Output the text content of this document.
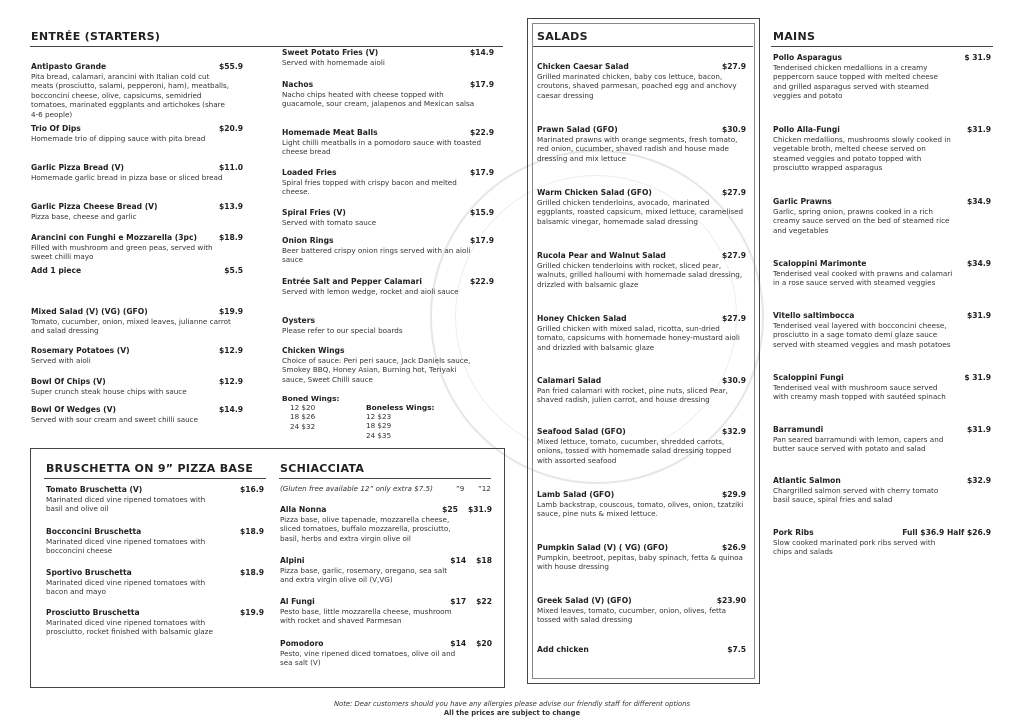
ENTRÉE (STARTERS)
Antipasto Grande	$55.9
Pita bread, calamari, arancini with Italian cold cut meats (prosciutto, salami, pepperoni, ham), meatballs, bocconcini cheese, olive, capsicums, semidried tomatoes, marinated eggplants and artichokes (share 4-6 people)
Trio Of Dips	$20.9
Homemade trio of dipping sauce with pita bread
Garlic Pizza Bread (V)	$11.0
Homemade garlic bread in pizza base or sliced bread
Garlic Pizza Cheese Bread (V)	$13.9
Pizza base, cheese and garlic
Arancini con Funghi e Mozzarella (3pc)	$18.9
Filled with mushroom and green peas, served with sweet chilli mayo
Add 1 piece	$5.5
Mixed Salad (V) (VG) (GFO)	$19.9
Tomato, cucumber, onion, mixed leaves, julianne carrot and salad dressing
Rosemary Potatoes (V)	$12.9
Served with aioli
Bowl Of Chips (V)	$12.9
Super crunch steak house chips with sauce
Bowl Of Wedges (V)	$14.9
Served with sour cream and sweet chilli sauce
Sweet Potato Fries (V)	$14.9
Served with homemade aioli
Nachos	$17.9
Nacho chips heated with cheese topped with guacamole, sour cream, jalapenos and Mexican salsa
Homemade Meat Balls	$22.9
Light chilli meatballs in a pomodoro sauce with toasted cheese bread
Loaded Fries	$17.9
Spiral fries topped with crispy bacon and melted cheese.
Spiral Fries (V)	$15.9
Served with tomato sauce
Onion Rings	$17.9
Beer battered crispy onion rings served with an aioli sauce
Entrée Salt and Pepper Calamari	$22.9
Served with lemon wedge, rocket and aioli sauce
Oysters
Please refer to our special boards
Chicken Wings
Choice of sauce: Peri peri sauce, Jack Daniels sauce, Smokey BBQ, Honey Asian, Burning hot, Teriyaki sauce, Sweet Chilli sauce
Boned Wings:
12 $20
18 $26
24 $32
Boneless Wings:
12 $23
18 $29
24 $35
BRUSCHETTA ON 9” PIZZA BASE
Tomato Bruschetta (V)	$16.9
Marinated diced vine ripened tomatoes with basil and olive oil
Bocconcini Bruschetta	$18.9
Marinated diced vine ripened tomatoes with bocconcini cheese
Sportivo Bruschetta	$18.9
Marinated diced vine ripened tomatoes with bacon and mayo
Prosciutto Bruschetta	$19.9
Marinated diced vine ripened tomatoes with prosciutto, rocket finished with balsamic glaze
SCHIACCIATA
(Gluten free available 12” only extra $7.5)	”9 ”12
Alla Nonna	$25 $31.9
Pizza base, olive tapenade, mozzarella cheese, sliced tomatoes, buffalo mozzarella, prosciutto, basil, herbs and extra virgin olive oil
Alpini	$14 $18
Pizza base, garlic, rosemary, oregano, sea salt and extra virgin olive oil (V,VG)
Al Fungi	$17 $22
Pesto base, little mozzarella cheese, mushroom with rocket and shaved Parmesan
Pomodoro	$14 $20
Pesto, vine ripened diced tomatoes, olive oil and sea salt (V)
SALADS
Chicken Caesar Salad	$27.9
Grilled marinated chicken, baby cos lettuce, bacon, croutons, shaved parmesan, poached egg and anchovy caesar dressing
Prawn Salad (GFO)	$30.9
Marinated prawns with orange segments, fresh tomato, red onion, cucumber, shaved radish and house made dressing and mix lettuce
Warm Chicken Salad (GFO)	$27.9
Grilled chicken tenderloins, avocado, marinated eggplants, roasted capsicum, mixed lettuce, caramelised balsamic vinegar, homemade salad dressing
Rucola Pear and Walnut Salad	$27.9
Grilled chicken tenderloins with rocket, sliced pear, walnuts, grilled halloumi with homemade salad dressing, drizzled with balsamic glaze
Honey Chicken Salad	$27.9
Grilled chicken with mixed salad, ricotta, sun-dried tomato, capsicums with homemade honey-mustard aioli and drizzled with balsamic glaze
Calamari Salad	$30.9
Pan fried calamari with rocket, pine nuts, sliced Pear, shaved radish, julien carrot, and house dressing
Seafood Salad (GFO)	$32.9
Mixed lettuce, tomato, cucumber, shredded carrots, onions, tossed with homemade salad dressing topped with assorted seafood
Lamb Salad (GFO)	$29.9
Lamb backstrap, couscous, tomato, olives, onion, tzatziki sauce, pine nuts & mixed lettuce.
Pumpkin Salad (V) ( VG) (GFO)	$26.9
Pumpkin, beetroot, pepitas, baby spinach, fetta & quinoa with house dressing
Greek Salad (V) (GFO)	$23.90
Mixed leaves, tomato, cucumber, onion, olives, fetta tossed with salad dressing
Add chicken	$7.5
MAINS
Pollo Asparagus	$ 31.9
Tenderised chicken medallions in a creamy peppercorn sauce topped with melted cheese and grilled asparagus served with steamed veggies and potato
Pollo Alla-Fungi	$31.9
Chicken medallions, mushrooms slowly cooked in vegetable broth, melted cheese served on steamed veggies and potato topped with prosciutto wrapped asparagus
Garlic Prawns	$34.9
Garlic, spring onion, prawns cooked in a rich creamy sauce served on the bed of steamed rice and vegetables
Scaloppini Marimonte	$34.9
Tenderised veal cooked with prawns and calamari in a rose sauce served with steamed veggies
Vitello saltimbocca	$31.9
Tenderised veal layered with bocconcini cheese, prosciutto in a sage tomato demi glaze sauce served with steamed veggies and mash potatoes
Scaloppini Fungi	$ 31.9
Tenderised veal with mushroom sauce served with creamy mash topped with sautéed spinach
Barramundi	$31.9
Pan seared barramundi with lemon, capers and butter sauce served with potato and salad
Atlantic Salmon	$32.9
Chargrilled salmon served with cherry tomato basil sauce, spiral fries and salad
Pork Ribs	Full $36.9 Half $26.9
Slow cooked marinated pork ribs served with chips and salads
Note: Dear customers should you have any allergies please advise our friendly staff for different options
All the prices are subject to change
